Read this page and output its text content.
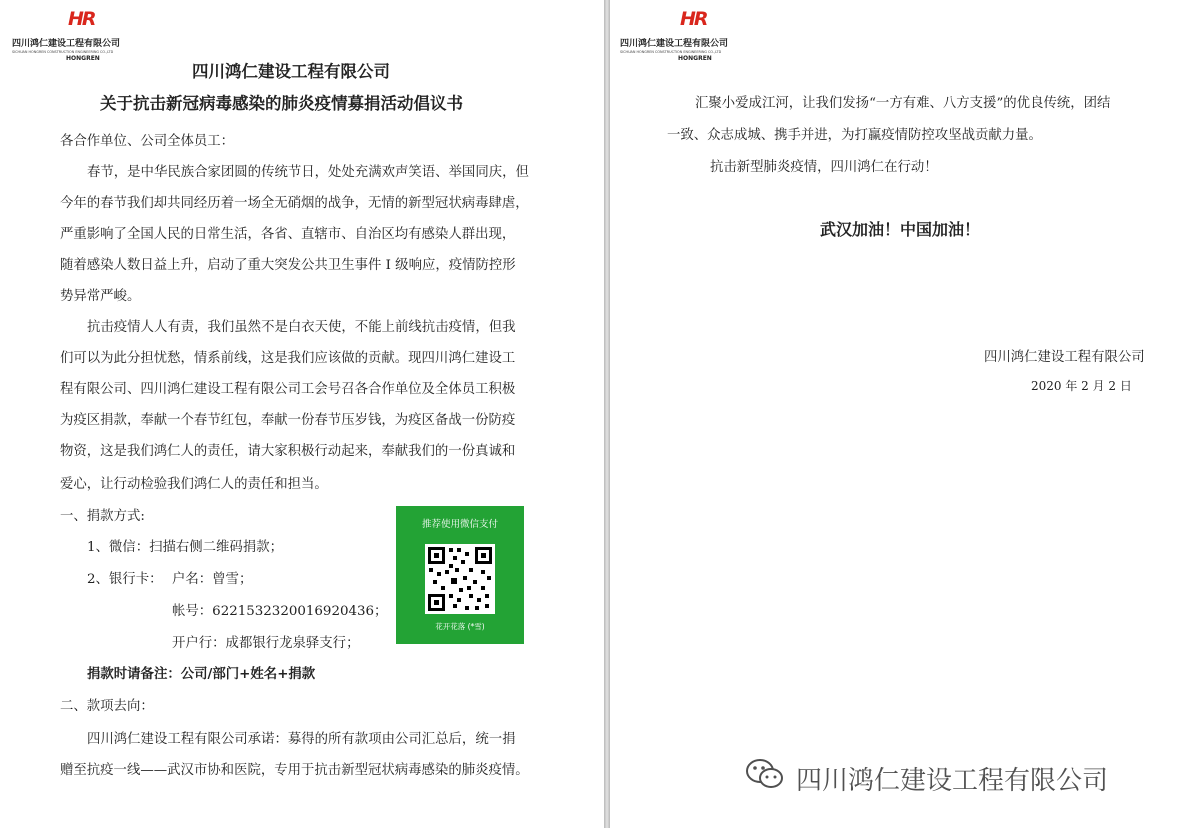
HR
四川鸿仁建设工程有限公司
SICHUAN HONGREN CONSTRUCTION ENGINEERING CO.,LTD
HONGREN
四川鸿仁建设工程有限公司
关于抗击新冠病毒感染的肺炎疫情募捐活动倡议书
各合作单位、公司全体员工：
春节，是中华民族合家团圆的传统节日，处处充满欢声笑语、举国同庆，但
今年的春节我们却共同经历着一场全无硝烟的战争，无情的新型冠状病毒肆虐，
严重影响了全国人民的日常生活，各省、直辖市、自治区均有感染人群出现，
随着感染人数日益上升，启动了重大突发公共卫生事件 I 级响应，疫情防控形
势异常严峻。
抗击疫情人人有责，我们虽然不是白衣天使，不能上前线抗击疫情，但我
们可以为此分担忧愁，情系前线，这是我们应该做的贡献。现四川鸿仁建设工
程有限公司、四川鸿仁建设工程有限公司工会号召各合作单位及全体员工积极
为疫区捐款，奉献一个春节红包，奉献一份春节压岁钱，为疫区备战一份防疫
物资，这是我们鸿仁人的责任，请大家积极行动起来，奉献我们的一份真诚和
爱心，让行动检验我们鸿仁人的责任和担当。
一、捐款方式:
1、微信：扫描右侧二维码捐款；
2、银行卡： 户名：曾雪；
帐号：6221532320016920436；
开户行：成都银行龙泉驿支行；
捐款时请备注：公司/部门+姓名+捐款
二、款项去向：
四川鸿仁建设工程有限公司承诺：募得的所有款项由公司汇总后，统一捐
赠至抗疫一线——武汉市协和医院，专用于抗击新型冠状病毒感染的肺炎疫情。
推荐使用微信支付
花开花落 (*雪)
HR
四川鸿仁建设工程有限公司
SICHUAN HONGREN CONSTRUCTION ENGINEERING CO.,LTD
HONGREN
汇聚小爱成江河，让我们发扬“一方有难、八方支援”的优良传统，团结
一致、众志成城、携手并进，为打赢疫情防控攻坚战贡献力量。
抗击新型肺炎疫情，四川鸿仁在行动！
武汉加油！中国加油！
四川鸿仁建设工程有限公司
2020 年 2 月 2 日
四川鸿仁建设工程有限公司
